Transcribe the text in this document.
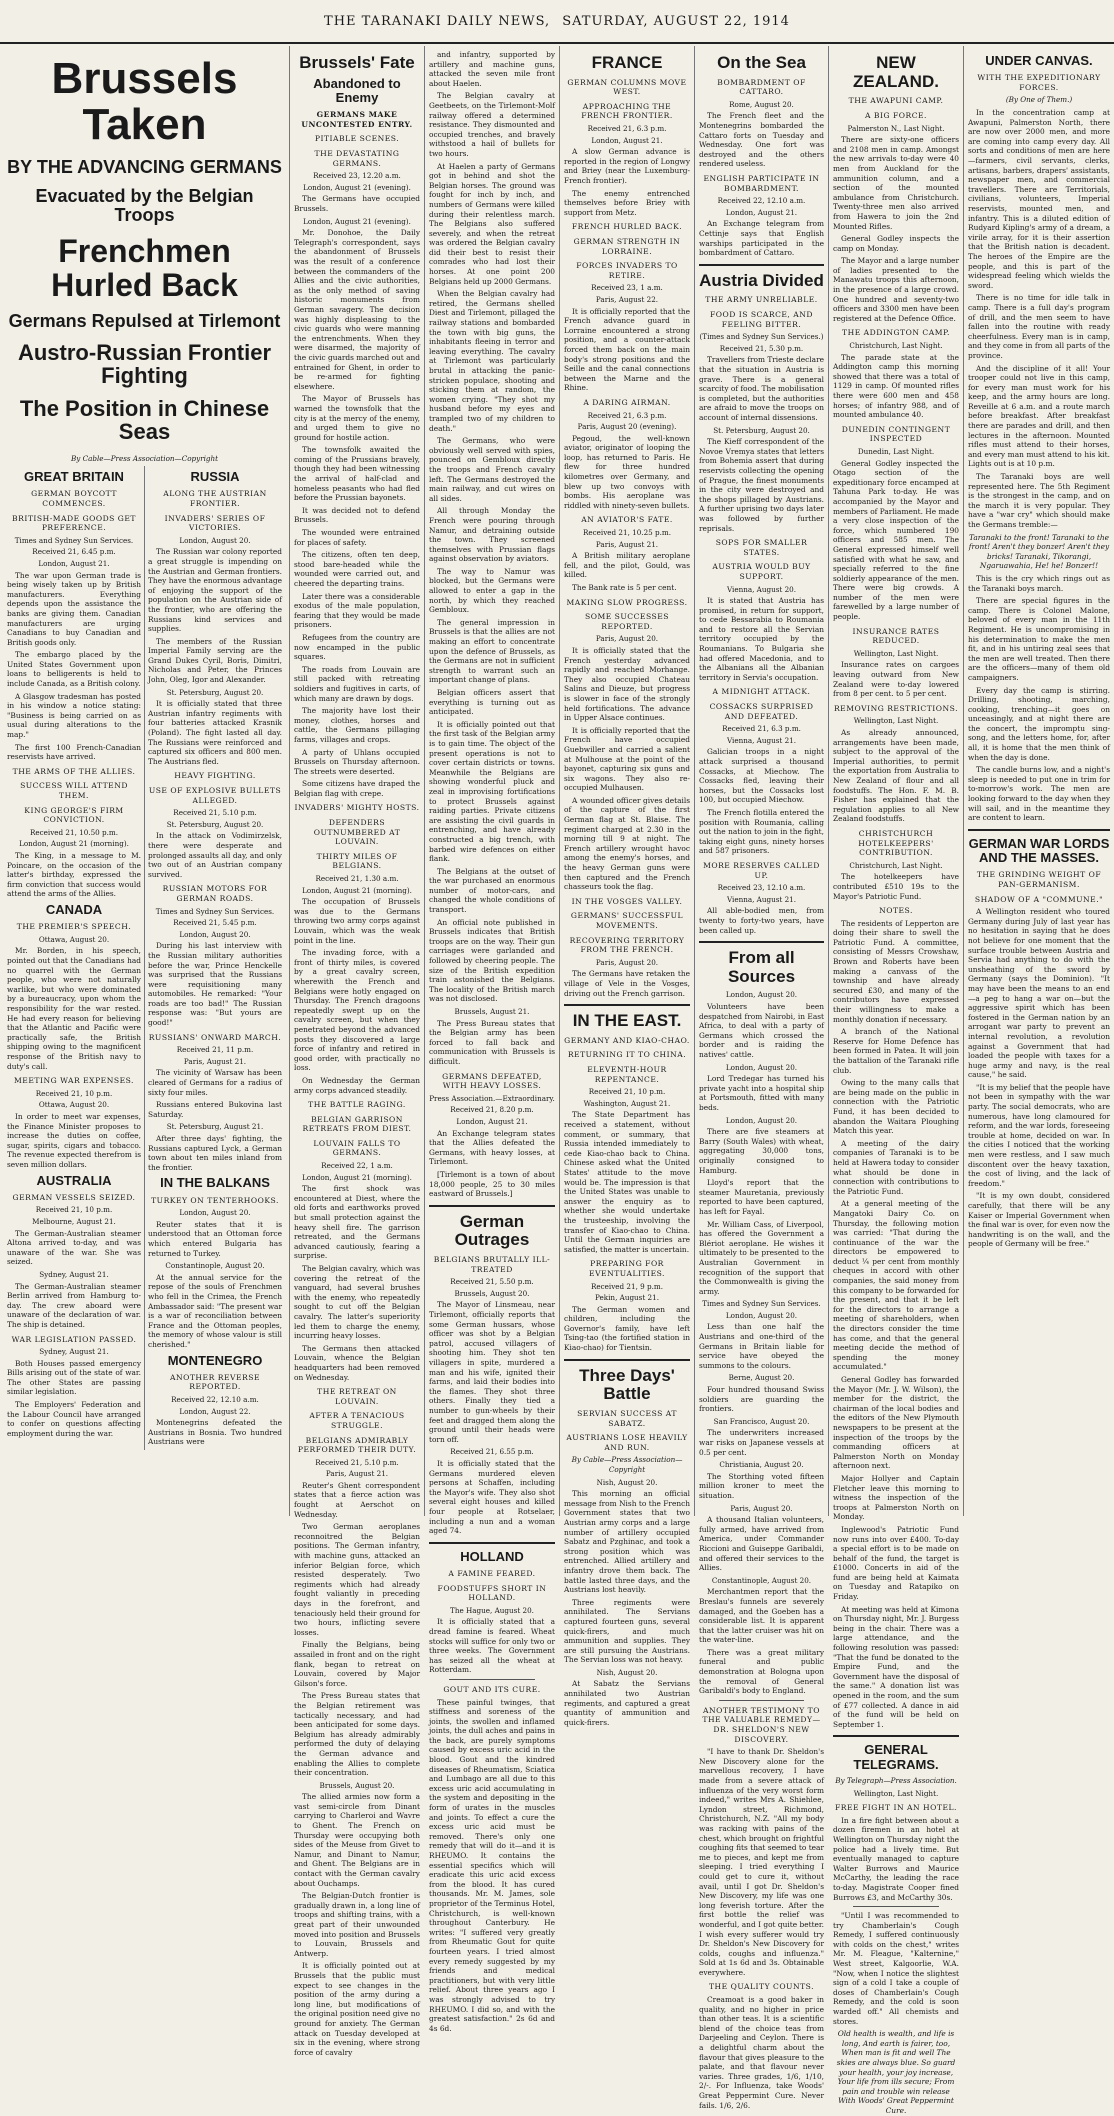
THE TARANAKI DAILY NEWS, SATURDAY, AUGUST 22, 1914
Brussels Taken
BY THE ADVANCING GERMANS
Evacuated by the Belgian Troops
Frenchmen Hurled Back
Germans Repulsed at Tirlemont
Austro-Russian Frontier Fighting
The Position in Chinese Seas
By Cable—Press Association—Copyright
GREAT BRITAIN
GERMAN BOYCOTT COMMENCES.
BRITISH-MADE GOODS GET PREFERENCE.
Times and Sydney Sun Services.
Received 21, 6.45 p.m.
London, August 21.

The war upon German trade is being wisely taken up by British manufacturers. Everything depends upon the assistance the banks are giving them. Canadian manufacturers are urging Canadians to buy Canadian and British goods only.

The embargo placed by the United States Government upon loans to belligerents is held to include Canada, as a British colony.

A Glasgow tradesman has posted in his window a notice stating: "Business is being carried on as usual during alterations to the map."

The first 100 French-Canadian reservists have arrived.

THE ARMS OF THE ALLIES.
SUCCESS WILL ATTEND THEM.
KING GEORGE'S FIRM CONVICTION.
Received 21, 10.50 p.m.
London, August 21 (morning).

The King, in a message to M. Poincare, on the occasion of the latter's birthday, expressed the firm conviction that success would attend the arms of the Allies.

CANADA
THE PREMIER'S SPEECH.
Ottawa, August 20.

Mr. Borden, in his speech, pointed out that the Canadians had no quarrel with the German people, who were not naturally warlike, but who were dominated by a bureaucracy, upon whom the responsibility for the war rested. He had every reason for believing that the Atlantic and Pacific were practically safe, the British shipping owing to the magnificent response of the British navy to duty's call.

MEETING WAR EXPENSES.
Received 21, 10 p.m.
Ottawa, August 20.

In order to meet war expenses, the Finance Minister proposes to increase the duties on coffee, sugar, spirits, cigars and tobacco. The revenue expected therefrom is seven million dollars.

AUSTRALIA
GERMAN VESSELS SEIZED.
Received 21, 10 p.m.
Melbourne, August 21.

The German-Australian steamer Altona arrived to-day, and was unaware of the war. She was seized.

Sydney, August 21.

The German-Australian steamer Berlin arrived from Hamburg to-day. The crew aboard were unaware of the declaration of war. The ship is detained.

WAR LEGISLATION PASSED.
Sydney, August 21.

Both Houses passed emergency Bills arising out of the state of war. The other States are passing similar legislation.

The Employers' Federation and the Labour Council have arranged to confer on questions affecting employment during the war.

RUSSIA
ALONG THE AUSTRIAN FRONTIER.
INVADERS' SERIES OF VICTORIES.
London, August 20.

The Russian war colony reported a great struggle is impending on the Austrian and German frontiers. They have the enormous advantage of enjoying the support of the population on the Austrian side of the frontier, who are offering the Russians kind services and supplies.

The members of the Russian Imperial Family serving are the Grand Dukes Cyril, Boris, Dimitri, Nicholas and Peter, the Princes John, Oleg, Igor and Alexander.

St. Petersburg, August 20.

It is officially stated that three Austrian infantry regiments with four batteries attacked Krasnik (Poland). The fight lasted all day. The Russians were reinforced and captured six officers and 800 men. The Austrians fled.

HEAVY FIGHTING.
USE OF EXPLOSIVE BULLETS ALLEGED.
Received 21, 5.10 p.m.
St. Petersburg, August 20.

In the attack on Vodimirzelsk, there were desperate and prolonged assaults all day, and only two out of an Austrian company survived.

RUSSIAN MOTORS FOR GERMAN ROADS.
Times and Sydney Sun Services.
Received 21, 5.45 p.m.
London, August 20.

During his last interview with the Russian military authorities before the war, Prince Henckelle was surprised that the Russians were requisitioning many automobiles. He remarked: "Your roads are too bad!" The Russian response was: "But yours are good!"

RUSSIANS' ONWARD MARCH.
Received 21, 11 p.m.
Paris, August 21.

The vicinity of Warsaw has been cleared of Germans for a radius of sixty four miles.

Russians entered Bukovina last Saturday.

St. Petersburg, August 21.

After three days' fighting, the Russians captured Lyck, a German town about ten miles inland from the frontier.

IN THE BALKANS
TURKEY ON TENTERHOOKS.
London, August 20.

Reuter states that it is understood that an Ottoman force which entered Bulgaria has returned to Turkey.

Constantinople, August 20.

At the annual service for the repose of the souls of Frenchmen who fell in the Crimea, the French Ambassador said: "The present war is a war of reconciliation between France and the Ottoman peoples, the memory of whose valour is still cherished."

MONTENEGRO
ANOTHER REVERSE REPORTED.
Received 22, 12.10 a.m.
London, August 22.

Montenegrins defeated the Austrians in Bosnia. Two hundred Austrians were

Brussels' Fate
Abandoned to Enemy
GERMANS MAKE UNCONTESTED ENTRY.
PITIABLE SCENES.
THE DEVASTATING GERMANS.
Received 23, 12.20 a.m.
London, August 21 (evening).

The Germans have occupied Brussels.

London, August 21 (evening).

Mr. Donohoe, the Daily Telegraph's correspondent, says the abandonment of Brussels was the result of a conference between the commanders of the Allies and the civic authorities, as the only method of saving historic monuments from German savagery. The decision was highly displeasing to the civic guards who were manning the entrenchments. When they were disarmed, the majority of the civic guards marched out and entrained for Ghent, in order to be re-armed for fighting elsewhere.

The Mayor of Brussels has warned the townsfolk that the city is at the mercy of the enemy, and urged them to give no ground for hostile action.

The townsfolk awaited the coming of the Prussians bravely, though they had been witnessing the arrival of half-clad and homeless peasants who had fled before the Prussian bayonets.

It was decided not to defend Brussels.

The wounded were entrained for places of safety.

The citizens, often ten deep, stood bare-headed while the wounded were carried out, and cheered the departing trains.

Later there was a considerable exodus of the male population, fearing that they would be made prisoners.

Refugees from the country are now encamped in the public squares.

The roads from Louvain are still packed with retreating soldiers and fugitives in carts, of which many are drawn by dogs.

The majority have lost their money, clothes, horses and cattle, the Germans pillaging farms, villages and crops.

A party of Uhlans occupied Brussels on Thursday afternoon. The streets were deserted.

Some citizens have draped the Belgian flag with crepe.

INVADERS' MIGHTY HOSTS.
DEFENDERS OUTNUMBERED AT LOUVAIN.
THIRTY MILES OF BELGIANS.
Received 21, 1.30 a.m.
London, August 21 (morning).

The occupation of Brussels was due to the Germans throwing two army corps against Louvain, which was the weak point in the line.

The invading force, with a front of thirty miles, is covered by a great cavalry screen, wherewith the French and Belgians were hotly engaged on Thursday. The French dragoons repeatedly swept up on the cavalry screen, but when they penetrated beyond the advanced posts they discovered a large force of infantry and retired in good order, with practically no loss.

On Wednesday the German army corps advanced steadily.

THE BATTLE RAGING.
BELGIAN GARRISON RETREATS FROM DIEST.
LOUVAIN FALLS TO GERMANS.
Received 22, 1 a.m.
London, August 21 (morning).

The first shock was encountered at Diest, where the old forts and earthworks proved but small protection against the heavy shell fire. The garrison retreated, and the Germans advanced cautiously, fearing a surprise.

The Belgian cavalry, which was covering the retreat of the vanguard, had several brushes with the enemy, who repeatedly sought to cut off the Belgian cavalry. The latter's superiority led them to charge the enemy, incurring heavy losses.

The Germans then attacked Louvain, whence the Belgian headquarters had been removed on Wednesday.

THE RETREAT ON LOUVAIN.
AFTER A TENACIOUS STRUGGLE.
BELGIANS ADMIRABLY PERFORMED THEIR DUTY.
Received 21, 5.10 p.m.
Paris, August 21.

Reuter's Ghent correspondent states that a fierce action was fought at Aerschot on Wednesday.

Two German aeroplanes reconnoitred the Belgian positions. The German infantry, with machine guns, attacked an inferior Belgian force, which resisted desperately. Two regiments which had already fought valiantly in preceding days in the forefront, and tenaciously held their ground for two hours, inflicting severe losses.

Finally the Belgians, being assailed in front and on the right flank, began to retreat on Louvain, covered by Major Gilson's force.

The Press Bureau states that the Belgian retirement was tactically necessary, and had been anticipated for some days. Belgium has already admirably performed the duty of delaying the German advance and enabling the Allies to complete their concentration.

Brussels, August 20.

The allied armies now form a vast semi-circle from Dinant carrying to Charleroi and Wavre to Ghent. The French on Thursday were occupying both sides of the Meuse from Givet to Namur, and Dinant to Namur, and Ghent. The Belgians are in contact with the German cavalry about Ouchamps.

The Belgian-Dutch frontier is gradually drawn in, a long line of troops and shifting trains, with a great part of their unwounded moved into position and Brussels to Louvain, Brussels and Antwerp.

It is officially pointed out at Brussels that the public must expect to see changes in the position of the army during a long line, but modifications of the original position need give no ground for anxiety. The German attack on Tuesday developed at six in the evening, where strong force of cavalry

and infantry, supported by artillery and machine guns, attacked the seven mile front about Haelen.

The Belgian cavalry at Geetbeets, on the Tirlemont-Molf railway offered a determined resistance. They dismounted and occupied trenches, and bravely withstood a hail of bullets for two hours.

At Haelen a party of Germans got in behind and shot the Belgian horses. The ground was fought for inch by inch, and numbers of Germans were killed during their relentless march. The Belgians also suffered severely, and when the retreat was ordered the Belgian cavalry did their best to resist their comrades who had lost their horses. At one point 200 Belgians held up 2000 Germans.

When the Belgian cavalry had retired, the Germans shelled Diest and Tirlemont, pillaged the railway stations and bombarded the town with big guns, the inhabitants fleeing in terror and leaving everything. The cavalry at Tirlemont was particularly brutal in attacking the panic-stricken populace, shooting and sticking them at random, the women crying. "They shot my husband before my eyes and trampled two of my children to death."

The Germans, who were obviously well served with spies, pounced on Gembloux directly the troops and French cavalry left. The Germans destroyed the main railway, and cut wires on all sides.

All through Monday the French were pouring through Namur, and detraining outside the town. They screened themselves with Prussian flags against observation by aviators.

The way to Namur was blocked, but the Germans were allowed to enter a gap in the north, by which they reached Gembloux.

The general impression in Brussels is that the allies are not making an effort to concentrate upon the defence of Brussels, as the Germans are not in sufficient strength to warrant such an important change of plans.

Belgian officers assert that everything is turning out as anticipated.

It is officially pointed out that the first task of the Belgian army is to gain time. The object of the present operations is not to cover certain districts or towns. Meanwhile the Belgians are showing wonderful pluck and zeal in improvising fortifications to protect Brussels against raiding parties. Private citizens are assisting the civil guards in entrenching, and have already constructed a big trench, with barbed wire defences on either flank.

The Belgians at the outset of the war purchased an enormous number of motor-cars, and changed the whole conditions of transport.

An official note published in Brussels indicates that British troops are on the way. Their gun carriages were garlanded and followed by cheering people. The size of the British expedition train astonished the Belgians. The locality of the British march was not disclosed.

Brussels, August 21.

The Press Bureau states that the Belgian army has been forced to fall back and communication with Brussels is difficult.

GERMANS DEFEATED, WITH HEAVY LOSSES.
Press Association.—Extraordinary.
Received 21, 8.20 p.m.
London, August 21.

An Exchange telegram states that the Allies defeated the Germans, with heavy losses, at Tirlemont.

[Tirlemont is a town of about 18,000 people, 25 to 30 miles eastward of Brussels.]

German Outrages
BELGIANS BRUTALLY ILL-TREATED
Received 21, 5.50 p.m.
Brussels, August 20.

The Mayor of Linsmeau, near Tirlemont, officially reports that some German hussars, whose officer was shot by a Belgian patrol, accused villagers of shooting him. They shot ten villagers in spite, murdered a man and his wife, ignited their farms, and laid their bodies into the flames. They shot three others. Finally they tied a number to gun-wheels by their feet and dragged them along the ground until their heads were torn off.

Received 21, 6.55 p.m.

It is officially stated that the Germans murdered eleven persons at Schaffen, including the Mayor's wife. They also shot several eight houses and killed four people at Rotselaer, including a nun and a woman aged 74.

HOLLAND
A FAMINE FEARED.
FOODSTUFFS SHORT IN HOLLAND.
The Hague, August 20.

It is officially stated that a dread famine is feared. Wheat stocks will suffice for only two or three weeks. The Government has seized all the wheat at Rotterdam.

GOUT AND ITS CURE.

These painful twinges, that stiffness and soreness of the joints, the swollen and inflamed joints, the dull aches and pains in the back, are purely symptoms caused by excess uric acid in the blood. Gout and the kindred diseases of Rheumatism, Sciatica and Lumbago are all due to this excess uric acid accumulating in the system and depositing in the form of urates in the muscles and joints. To effect a cure the excess uric acid must be removed. There's only one remedy that will do it—and it is RHEUMO. It contains the essential specifics which will eradicate this uric acid excess from the blood. It has cured thousands. Mr. M. James, sole proprietor of the Terminus Hotel, Christchurch, is well-known throughout Canterbury. He writes: "I suffered very greatly from Rheumatic Gout for quite fourteen years. I tried almost every remedy suggested by my friends and medical practitioners, but with very little relief. About three years ago I was strongly advised to try RHEUMO. I did so, and with the greatest satisfaction." 2s 6d and 4s 6d.

FRANCE
GERMAN COLUMNS MOVE WEST.
APPROACHING THE FRENCH FRONTIER.
Received 21, 6.3 p.m.
London, August 21.

A slow German advance is reported in the region of Longwy and Briey (near the Luxemburg-French frontier).

The enemy entrenched themselves before Briey with support from Metz.

FRENCH HURLED BACK.
GERMAN STRENGTH IN LORRAINE.
FORCES INVADERS TO RETIRE.
Received 23, 1 a.m.
Paris, August 22.

It is officially reported that the French advance guard in Lorraine encountered a strong position, and a counter-attack forced them back on the main body's strong positions and the Seille and the canal connections between the Marne and the Rhine.

A DARING AIRMAN.
Received 21, 6.3 p.m.
Paris, August 20 (evening).

Pegoud, the well-known aviator, originator of looping the loop, has returned to Paris. He flew for three hundred kilometres over Germany, and blew up two convoys with bombs. His aeroplane was riddled with ninety-seven bullets.

AN AVIATOR'S FATE.
Received 21, 10.25 p.m.
Paris, August 21.

A British military aeroplane fell, and the pilot, Gould, was killed.

The Bank rate is 5 per cent.

MAKING SLOW PROGRESS.
SOME SUCCESSES REPORTED.
Paris, August 20.

It is officially stated that the French yesterday advanced rapidly and reached Morhange. They also occupied Chateau Salins and Dieuze, but progress is slower in face of the strongly held fortifications. The advance in Upper Alsace continues.

It is officially reported that the French have occupied Guebwiller and carried a salient at Mulhouse at the point of the bayonet, capturing six guns and six wagons. They also re-occupied Mulhausen.

A wounded officer gives details of the capture of the first German flag at St. Blaise. The regiment charged at 2.30 in the morning till 9 at night. The French artillery wrought havoc among the enemy's horses, and the heavy German guns were then captured and the French chasseurs took the flag.

IN THE VOSGES VALLEY.
GERMANS' SUCCESSFUL MOVEMENTS.
RECOVERING TERRITORY FROM THE FRENCH.
Paris, August 20.

The Germans have retaken the village of Vele in the Vosges, driving out the French garrison.

IN THE EAST.
GERMANY AND KIAO-CHAO.
RETURNING IT TO CHINA.
ELEVENTH-HOUR REPENTANCE.
Received 21, 10 p.m.
Washington, August 21.

The State Department has received a statement, without comment, or summary, that Russia intended immediately to cede Kiao-chao back to China. Chinese asked what the United States' attitude to the move would be. The impression is that the United States was unable to answer the enquiry as to whether she would undertake the trusteeship, involving the transfer of Kiao-chao to China. Until the German inquiries are satisfied, the matter is uncertain.

PREPARING FOR EVENTUALITIES.
Received 21, 9 p.m.
Pekin, August 21.

The German women and children, including the Governor's family, have left Tsing-tao (the fortified station in Kiao-chao) for Tientsin.

Three Days' Battle
SERVIAN SUCCESS AT SABATZ.
AUSTRIANS LOSE HEAVILY AND RUN.
By Cable—Press Association—Copyright
Nish, August 20.

This morning an official message from Nish to the French Government states that two Austrian army corps and a large number of artillery occupied Sabatz and Pzghinac, and took a strong position which was entrenched. Allied artillery and infantry drove them back. The battle lasted three days, and the Austrians lost heavily.

Three regiments were annihilated. The Servians captured fourteen guns, several quick-firers, and much ammunition and supplies. They are still pursuing the Austrians. The Servian loss was not heavy.

Nish, August 20.

At Sabatz the Servians annihilated two Austrian regiments, and captured a great quantity of ammunition and quick-firers.

On the Sea
BOMBARDMENT OF CATTARO.
Rome, August 20.

The French fleet and the Montenegrins bombarded the Cattaro forts on Tuesday and Wednesday. One fort was destroyed and the others rendered useless.

ENGLISH PARTICIPATE IN BOMBARDMENT.
Received 22, 12.10 a.m.
London, August 21.

An Exchange telegram from Cettinje says that English warships participated in the bombardment of Cattaro.

Austria Divided
THE ARMY UNRELIABLE.
FOOD IS SCARCE, AND FEELING BITTER.
(Times and Sydney Sun Services.)
Received 21, 5.30 p.m.

Travellers from Trieste declare that the situation in Austria is grave. There is a general scarcity of food. The mobilisation is completed, but the authorities are afraid to move the troops on account of internal dissensions.

St. Petersburg, August 20.

The Kieff correspondent of the Novoe Vremya states that letters from Bohemia assert that during reservists collecting the opening of Prague, the finest monuments in the city were destroyed and the shops pillaged by Austrians. A further uprising two days later was followed by further reprisals.

SOPS FOR SMALLER STATES.
AUSTRIA WOULD BUY SUPPORT.
Vienna, August 20.

It is stated that Austria has promised, in return for support, to cede Bessarabia to Roumania and to restore all the Servian territory occupied by the Roumanians. To Bulgaria she had offered Macedonia, and to the Albanians all the Albanian territory in Servia's occupation.

A MIDNIGHT ATTACK.
COSSACKS SURPRISED AND DEFEATED.
Received 21, 6.3 p.m.
Vienna, August 21.

Galician troops in a night attack surprised a thousand Cossacks, at Miechow. The Cossacks fled, leaving their horses, but the Cossacks lost 100, but occupied Miechow.

The French flotilla entered the position with Roumania, calling out the nation to join in the fight, taking eight guns, ninety horses and 587 prisoners.

MORE RESERVES CALLED UP.
Received 23, 12.10 a.m.
Vienna, August 21.

All able-bodied men, from twenty to forty-two years, have been called up.

From all Sources
London, August 20.

Volunteers have been despatched from Nairobi, in East Africa, to deal with a party of Germans which crossed the border and is raiding the natives' cattle.

London, August 20.

Lord Tredegar has turned his private yacht into a hospital ship at Portsmouth, fitted with many beds.

London, August 20.

There are five steamers at Barry (South Wales) with wheat, aggregating 30,000 tons, originally consigned to Hamburg.

Lloyd's report that the steamer Mauretania, previously reported to have been captured, has left for Fayal.

Mr. William Cass, of Liverpool, has offered the Government a Blériot aeroplane. He wishes it ultimately to be presented to the Australian Government in recognition of the support that the Commonwealth is giving the army.

Times and Sydney Sun Services.
London, August 20.

Less than one half the Austrians and one-third of the Germans in Britain liable for service have obeyed the summons to the colours.

Berne, August 20.

Four hundred thousand Swiss soldiers are guarding the frontiers.

San Francisco, August 20.

The underwriters increased war risks on Japanese vessels at 0.5 per cent.

Christiania, August 20.

The Storthing voted fifteen million kroner to meet the situation.

Paris, August 20.

A thousand Italian volunteers, fully armed, have arrived from America, under Commander Riccioni and Guiseppe Garibaldi, and offered their services to the Allies.

Constantinople, August 20.

Merchantmen report that the Breslau's funnels are severely damaged, and the Goeben has a considerable list. It is apparent that the latter cruiser was hit on the water-line.

There was a great military funeral and public demonstration at Bologna upon the removal of General Garibaldi's body to England.

ANOTHER TESTIMONY TO THE VALUABLE REMEDY—DR. SHELDON'S NEW DISCOVERY.

"I have to thank Dr. Sheldon's New Discovery alone for the marvellous recovery, I have made from a severe attack of influenza of the very worst form indeed," writes Mrs A. Shiehlee, Lyndon street, Richmond, Christchurch, N.Z. "All my body was racking with pains of the chest, which brought on frightful coughing fits that seemed to tear me to pieces, and kept me from sleeping. I tried everything I could get to cure it, without avail, until I got Dr. Sheldon's New Discovery, my life was one long feverish torture. After the first bottle the relief was wonderful, and I got quite better. I wish every sufferer would try Dr. Sheldon's New Discovery for colds, coughs and influenza." Sold at 1s 6d and 3s. Obtainable everywhere.

THE QUALITY COUNTS.

Creamoat is a good baker in quality, and no higher in price than other teas. It is a scientific blend of the choice teas from Darjeeling and Ceylon. There is a delightful charm about the flavour that gives pleasure to the palate, and that flavour never varies. Three grades, 1/6, 1/10, 2/-. For Influenza, take Woods' Great Peppermint Cure. Never fails. 1/6, 2/6.

NEW ZEALAND.
THE AWAPUNI CAMP.
A BIG FORCE.
Palmerston N., Last Night.

There are sixty-one officers and 2108 men in camp. Amongst the new arrivals to-day were 40 men from Auckland for the ammunition column, and a section of the mounted ambulance from Christchurch. Twenty-three men also arrived from Hawera to join the 2nd Mounted Rifles.

General Godley inspects the camp on Monday.

The Mayor and a large number of ladies presented to the Manawatu troops this afternoon, in the presence of a large crowd. One hundred and seventy-two officers and 3300 men have been registered at the Defence Office.

THE ADDINGTON CAMP.
Christchurch, Last Night.

The parade state at the Addington camp this morning showed that there was a total of 1129 in camp. Of mounted rifles there were 600 men and 458 horses; of infantry 988, and of mounted ambulance 40.

DUNEDIN CONTINGENT INSPECTED
Dunedin, Last Night.

General Godley inspected the Otago section of the expeditionary force encamped at Tahuna Park to-day. He was accompanied by the Mayor and members of Parliament. He made a very close inspection of the force, which numbered 190 officers and 585 men. The General expressed himself well satisfied with what he saw, and specially referred to the fine soldierly appearance of the men. There were big crowds. A number of the men were farewelled by a large number of people.

INSURANCE RATES REDUCED.
Wellington, Last Night.

Insurance rates on cargoes leaving outward from New Zealand were to-day lowered from 8 per cent. to 5 per cent.

REMOVING RESTRICTIONS.
Wellington, Last Night.

As already announced, arrangements have been made, subject to the approval of the Imperial authorities, to permit the exportation from Australia to New Zealand of flour and all foodstuffs. The Hon. F. M. B. Fisher has explained that the regulation applies to all New Zealand foodstuffs.

CHRISTCHURCH HOTELKEEPERS' CONTRIBUTION.
Christchurch, Last Night.

The hotelkeepers have contributed £510 19s to the Mayor's Patriotic Fund.

NOTES.

The residents of Lepperton are doing their share to swell the Patriotic Fund. A committee, consisting of Messrs Crowshaw, Brown and Roberts have been making a canvass of the township and have already secured £30, and many of the contributors have expressed their willingness to make a monthly donation if necessary.

A branch of the National Reserve for Home Defence has been formed in Patea. It will join the battalion of the Taranaki rifle club.

Owing to the many calls that are being made on the public in connection with the Patriotic Fund, it has been decided to abandon the Waitara Ploughing Match this year.

A meeting of the dairy companies of Taranaki is to be held at Hawera today to consider what should be done in connection with contributions to the Patriotic Fund.

At a general meeting of the Mangatoki Dairy Co. on Thursday, the following motion was carried: "That during the continuance of the war the directors be empowered to deduct ¼ per cent from monthly cheques in accord with other companies, the said money from this company to be forwarded for the present, and that it be left for the directors to arrange a meeting of shareholders, when the directors consider the time has come, and that the general meeting decide the method of spending the money accumulated."

General Godley has forwarded the Mayor (Mr. J. W. Wilson), the member for the district, the chairman of the local bodies and the editors of the New Plymouth newspapers to be present at the inspection of the troops by the commanding officers at Palmerston North on Monday afternoon next.

Major Hollyer and Captain Fletcher leave this morning to witness the inspection of the troops at Palmerston North on Monday.

Inglewood's Patriotic Fund now runs into over £400. To-day a special effort is to be made on behalf of the fund, the target is £1000. Concerts in aid of the fund are being held at Kaimata on Tuesday and Ratapiko on Friday.

At meeting was held at Kimona on Thursday night, Mr. J. Burgess being in the chair. There was a large attendance, and the following resolution was passed: "That the fund be donated to the Empire Fund, and the Government have the disposal of the same." A donation list was opened in the room, and the sum of £77 collected. A dance in aid of the fund will be held on September 1.

GENERAL TELEGRAMS.
By Telegraph—Press Association.
Wellington, Last Night.
FREE FIGHT IN AN HOTEL.

In a fire fight between about a dozen firemen in an hotel at Wellington on Thursday night the police had a lively time. But eventually managed to capture Walter Burrows and Maurice McCarthy, the leading the race to-day. Magistrate Cooper fined Burrows £3, and McCarthy 30s.

"Until I was recommended to try Chamberlain's Cough Remedy, I suffered continuously with colds on the chest," writes Mr. M. Fleague, "Kalternine," West street, Kalgoorlie, W.A. "Now, when I notice the slightest sign of a cold I take a couple of doses of Chamberlain's Cough Remedy, and the cold is soon warded off." All chemists and stores.

Old health is wealth, and life is long, And earth is fairer, too, When man is fit and well The skies are always blue. So guard your health, your joy increase, Your life from ills secure; From pain and trouble win release With Woods' Great Peppermint Cure.

UNDER CANVAS.
WITH THE EXPEDITIONARY FORCES.
(By One of Them.)

In the concentration camp at Awapuni, Palmerston North, there are now over 2000 men, and more are coming into camp every day. All sorts and conditions of men are here—farmers, civil servants, clerks, artisans, barbers, drapers' assistants, newspaper men, and commercial travellers. There are Territorials, civilians, volunteers, Imperial reservists, mounted men, and infantry. This is a diluted edition of Rudyard Kipling's army of a dream, a virile array, for it is their assertion that the British nation is decadent. The heroes of the Empire are the people, and this is part of the widespread feeling which wields the sword.

There is no time for idle talk in camp. There is a full day's program of drill, and the men seem to have fallen into the routine with ready cheerfulness. Every man is in camp, and they come in from all parts of the province.

And the discipline of it all! Your trooper could not live in this camp, for every man must work for his keep, and the army hours are long. Reveille at 6 a.m. and a route march before breakfast. After breakfast there are parades and drill, and then lectures in the afternoon. Mounted rifles must attend to their horses, and every man must attend to his kit. Lights out is at 10 p.m.

The Taranaki boys are well represented here. The 5th Regiment is the strongest in the camp, and on the march it is very popular. They have a "war cry" which should make the Germans tremble:—

Taranaki to the front! Taranaki to the front! Aren't they bonzer! Aren't they bricks! Taranaki, Tikorangi, Ngaruawahia, He! he! Bonzer!!

This is the cry which rings out as the Taranaki boys march.

There are special figures in the camp. There is Colonel Malone, beloved of every man in the 11th Regiment. He is uncompromising in his determination to make the men fit, and in his untiring zeal sees that the men are well treated. Then there are the officers—many of them old campaigners.

Every day the camp is stirring. Drilling, shooting, marching, cooking, trenching—it goes on unceasingly, and at night there are the concert, the impromptu sing-song, and the letters home, for, after all, it is home that the men think of when the day is done.

The candle burns low, and a night's sleep is needed to put one in trim for to-morrow's work. The men are looking forward to the day when they will sail, and in the meantime they are content to learn.

GERMAN WAR LORDS AND THE MASSES.
THE GRINDING WEIGHT OF PAN-GERMANISM.
SHADOW OF A "COMMUNE."

A Wellington resident who toured Germany during July of last year has no hesitation in saying that he does not believe for one moment that the surface trouble between Austria and Servia had anything to do with the unsheathing of the sword by Germany (says the Dominion). "It may have been the means to an end—a peg to hang a war on—but the aggressive spirit which has been fostered in the German nation by an arrogant war party to prevent an internal revolution, a revolution against a Government that had loaded the people with taxes for a huge army and navy, is the real cause," he said.

"It is my belief that the people have not been in sympathy with the war party. The social democrats, who are numerous, have long clamoured for reform, and the war lords, foreseeing trouble at home, decided on war. In the cities I noticed that the working men were restless, and I saw much discontent over the heavy taxation, the cost of living, and the lack of freedom."

"It is my own doubt, considered carefully, that there will be any Kaiser or Imperial Government when the final war is over, for even now the handwriting is on the wall, and the people of Germany will be free."
